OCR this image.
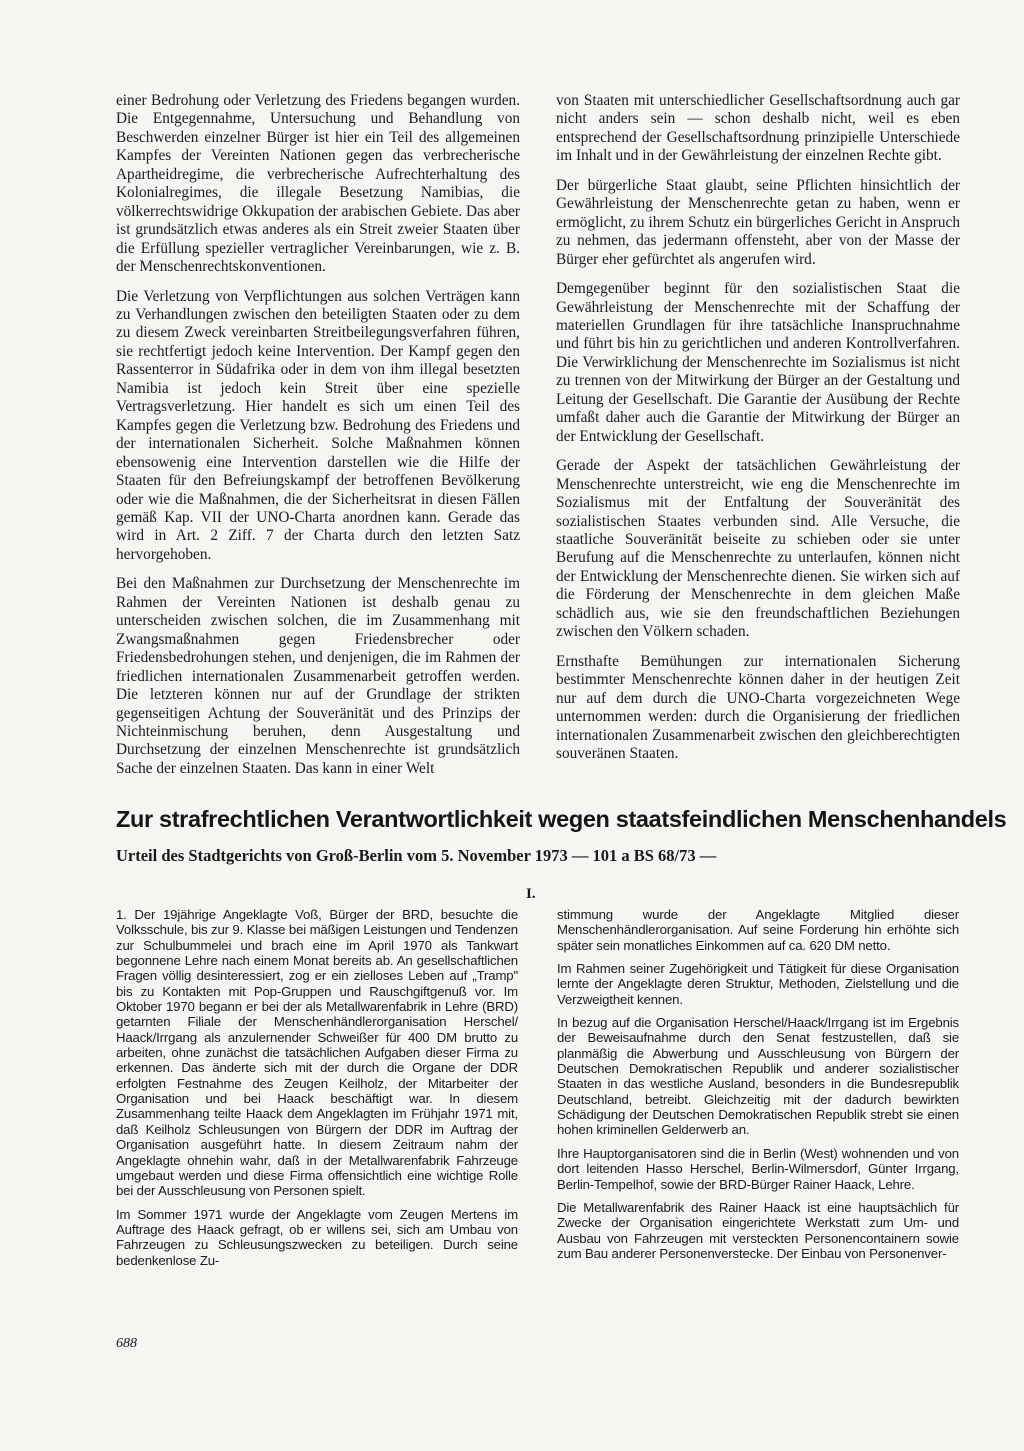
einer Bedrohung oder Verletzung des Friedens begangen wurden. Die Entgegennahme, Untersuchung und Behandlung von Beschwerden einzelner Bürger ist hier ein Teil des allgemeinen Kampfes der Vereinten Nationen gegen das verbrecherische Apartheidregime, die verbrecherische Aufrechterhaltung des Kolonialregimes, die illegale Besetzung Namibias, die völkerrechtswidrige Okkupation der arabischen Gebiete. Das aber ist grundsätzlich etwas anderes als ein Streit zweier Staaten über die Erfüllung spezieller vertraglicher Vereinbarungen, wie z. B. der Menschenrechtskonventionen.

Die Verletzung von Verpflichtungen aus solchen Verträgen kann zu Verhandlungen zwischen den beteiligten Staaten oder zu dem zu diesem Zweck vereinbarten Streitbeilegungsverfahren führen, sie rechtfertigt jedoch keine Intervention. Der Kampf gegen den Rassenterror in Südafrika oder in dem von ihm illegal besetzten Namibia ist jedoch kein Streit über eine spezielle Vertragsverletzung. Hier handelt es sich um einen Teil des Kampfes gegen die Verletzung bzw. Bedrohung des Friedens und der internationalen Sicherheit. Solche Maßnahmen können ebensowenig eine Intervention darstellen wie die Hilfe der Staaten für den Befreiungskampf der betroffenen Bevölkerung oder wie die Maßnahmen, die der Sicherheitsrat in diesen Fällen gemäß Kap. VII der UNO-Charta anordnen kann. Gerade das wird in Art. 2 Ziff. 7 der Charta durch den letzten Satz hervorgehoben.

Bei den Maßnahmen zur Durchsetzung der Menschenrechte im Rahmen der Vereinten Nationen ist deshalb genau zu unterscheiden zwischen solchen, die im Zusammenhang mit Zwangsmaßnahmen gegen Friedensbrecher oder Friedensbedrohungen stehen, und denjenigen, die im Rahmen der friedlichen internationalen Zusammenarbeit getroffen werden. Die letzteren können nur auf der Grundlage der strikten gegenseitigen Achtung der Souveränität und des Prinzips der Nichteinmischung beruhen, denn Ausgestaltung und Durchsetzung der einzelnen Menschenrechte ist grundsätzlich Sache der einzelnen Staaten. Das kann in einer Welt

von Staaten mit unterschiedlicher Gesellschaftsordnung auch gar nicht anders sein — schon deshalb nicht, weil es eben entsprechend der Gesellschaftsordnung prinzipielle Unterschiede im Inhalt und in der Gewährleistung der einzelnen Rechte gibt.

Der bürgerliche Staat glaubt, seine Pflichten hinsichtlich der Gewährleistung der Menschenrechte getan zu haben, wenn er ermöglicht, zu ihrem Schutz ein bürgerliches Gericht in Anspruch zu nehmen, das jedermann offensteht, aber von der Masse der Bürger eher gefürchtet als angerufen wird.

Demgegenüber beginnt für den sozialistischen Staat die Gewährleistung der Menschenrechte mit der Schaffung der materiellen Grundlagen für ihre tatsächliche Inanspruchnahme und führt bis hin zu gerichtlichen und anderen Kontrollverfahren. Die Verwirklichung der Menschenrechte im Sozialismus ist nicht zu trennen von der Mitwirkung der Bürger an der Gestaltung und Leitung der Gesellschaft. Die Garantie der Ausübung der Rechte umfaßt daher auch die Garantie der Mitwirkung der Bürger an der Entwicklung der Gesellschaft.

Gerade der Aspekt der tatsächlichen Gewährleistung der Menschenrechte unterstreicht, wie eng die Menschenrechte im Sozialismus mit der Entfaltung der Souveränität des sozialistischen Staates verbunden sind. Alle Versuche, die staatliche Souveränität beiseite zu schieben oder sie unter Berufung auf die Menschenrechte zu unterlaufen, können nicht der Entwicklung der Menschenrechte dienen. Sie wirken sich auf die Förderung der Menschenrechte in dem gleichen Maße schädlich aus, wie sie den freundschaftlichen Beziehungen zwischen den Völkern schaden.

Ernsthafte Bemühungen zur internationalen Sicherung bestimmter Menschenrechte können daher in der heutigen Zeit nur auf dem durch die UNO-Charta vorgezeichneten Wege unternommen werden: durch die Organisierung der friedlichen internationalen Zusammenarbeit zwischen den gleichberechtigten souveränen Staaten.

Zur strafrechtlichen Verantwortlichkeit wegen staatsfeindlichen Menschenhandels
Urteil des Stadtgerichts von Groß-Berlin vom 5. November 1973 — 101 a BS 68/73 —
I.

1. Der 19jährige Angeklagte Voß, Bürger der BRD, besuchte die Volksschule, bis zur 9. Klasse bei mäßigen Leistungen und Tendenzen zur Schulbummelei und brach eine im April 1970 als Tankwart begonnene Lehre nach einem Monat bereits ab. An gesellschaftlichen Fragen völlig desinteressiert, zog er ein zielloses Leben auf „Tramp" bis zu Kontakten mit Pop-Gruppen und Rauschgiftgenuß vor. Im Oktober 1970 begann er bei der als Metallwarenfabrik in Lehre (BRD) getarnten Filiale der Menschenhändlerorganisation Herschel/ Haack/Irrgang als anzulernender Schweißer für 400 DM brutto zu arbeiten, ohne zunächst die tatsächlichen Aufgaben dieser Firma zu erkennen. Das änderte sich mit der durch die Organe der DDR erfolgten Festnahme des Zeugen Keilholz, der Mitarbeiter der Organisation und bei Haack beschäftigt war. In diesem Zusammenhang teilte Haack dem Angeklagten im Frühjahr 1971 mit, daß Keilholz Schleusungen von Bürgern der DDR im Auftrag der Organisation ausgeführt hatte. In diesem Zeitraum nahm der Angeklagte ohnehin wahr, daß in der Metallwarenfabrik Fahrzeuge umgebaut werden und diese Firma offensichtlich eine wichtige Rolle bei der Ausschleusung von Personen spielt.

Im Sommer 1971 wurde der Angeklagte vom Zeugen Mertens im Auftrage des Haack gefragt, ob er willens sei, sich am Umbau von Fahrzeugen zu Schleusungszwecken zu beteiligen. Durch seine bedenkenlose Zu-

stimmung wurde der Angeklagte Mitglied dieser Menschenhändlerorganisation. Auf seine Forderung hin erhöhte sich später sein monatliches Einkommen auf ca. 620 DM netto.

Im Rahmen seiner Zugehörigkeit und Tätigkeit für diese Organisation lernte der Angeklagte deren Struktur, Methoden, Zielstellung und die Verzweigtheit kennen.

In bezug auf die Organisation Herschel/Haack/Irrgang ist im Ergebnis der Beweisaufnahme durch den Senat festzustellen, daß sie planmäßig die Abwerbung und Ausschleusung von Bürgern der Deutschen Demokratischen Republik und anderer sozialistischer Staaten in das westliche Ausland, besonders in die Bundesrepublik Deutschland, betreibt. Gleichzeitig mit der dadurch bewirkten Schädigung der Deutschen Demokratischen Republik strebt sie einen hohen kriminellen Gelderwerb an.

Ihre Hauptorganisatoren sind die in Berlin (West) wohnenden und von dort leitenden Hasso Herschel, Berlin-Wilmersdorf, Günter Irrgang, Berlin-Tempelhof, sowie der BRD-Bürger Rainer Haack, Lehre.

Die Metallwarenfabrik des Rainer Haack ist eine hauptsächlich für Zwecke der Organisation eingerichtete Werkstatt zum Um- und Ausbau von Fahrzeugen mit versteckten Personencontainern sowie zum Bau anderer Personenverstecke. Der Einbau von Personenver-

688
